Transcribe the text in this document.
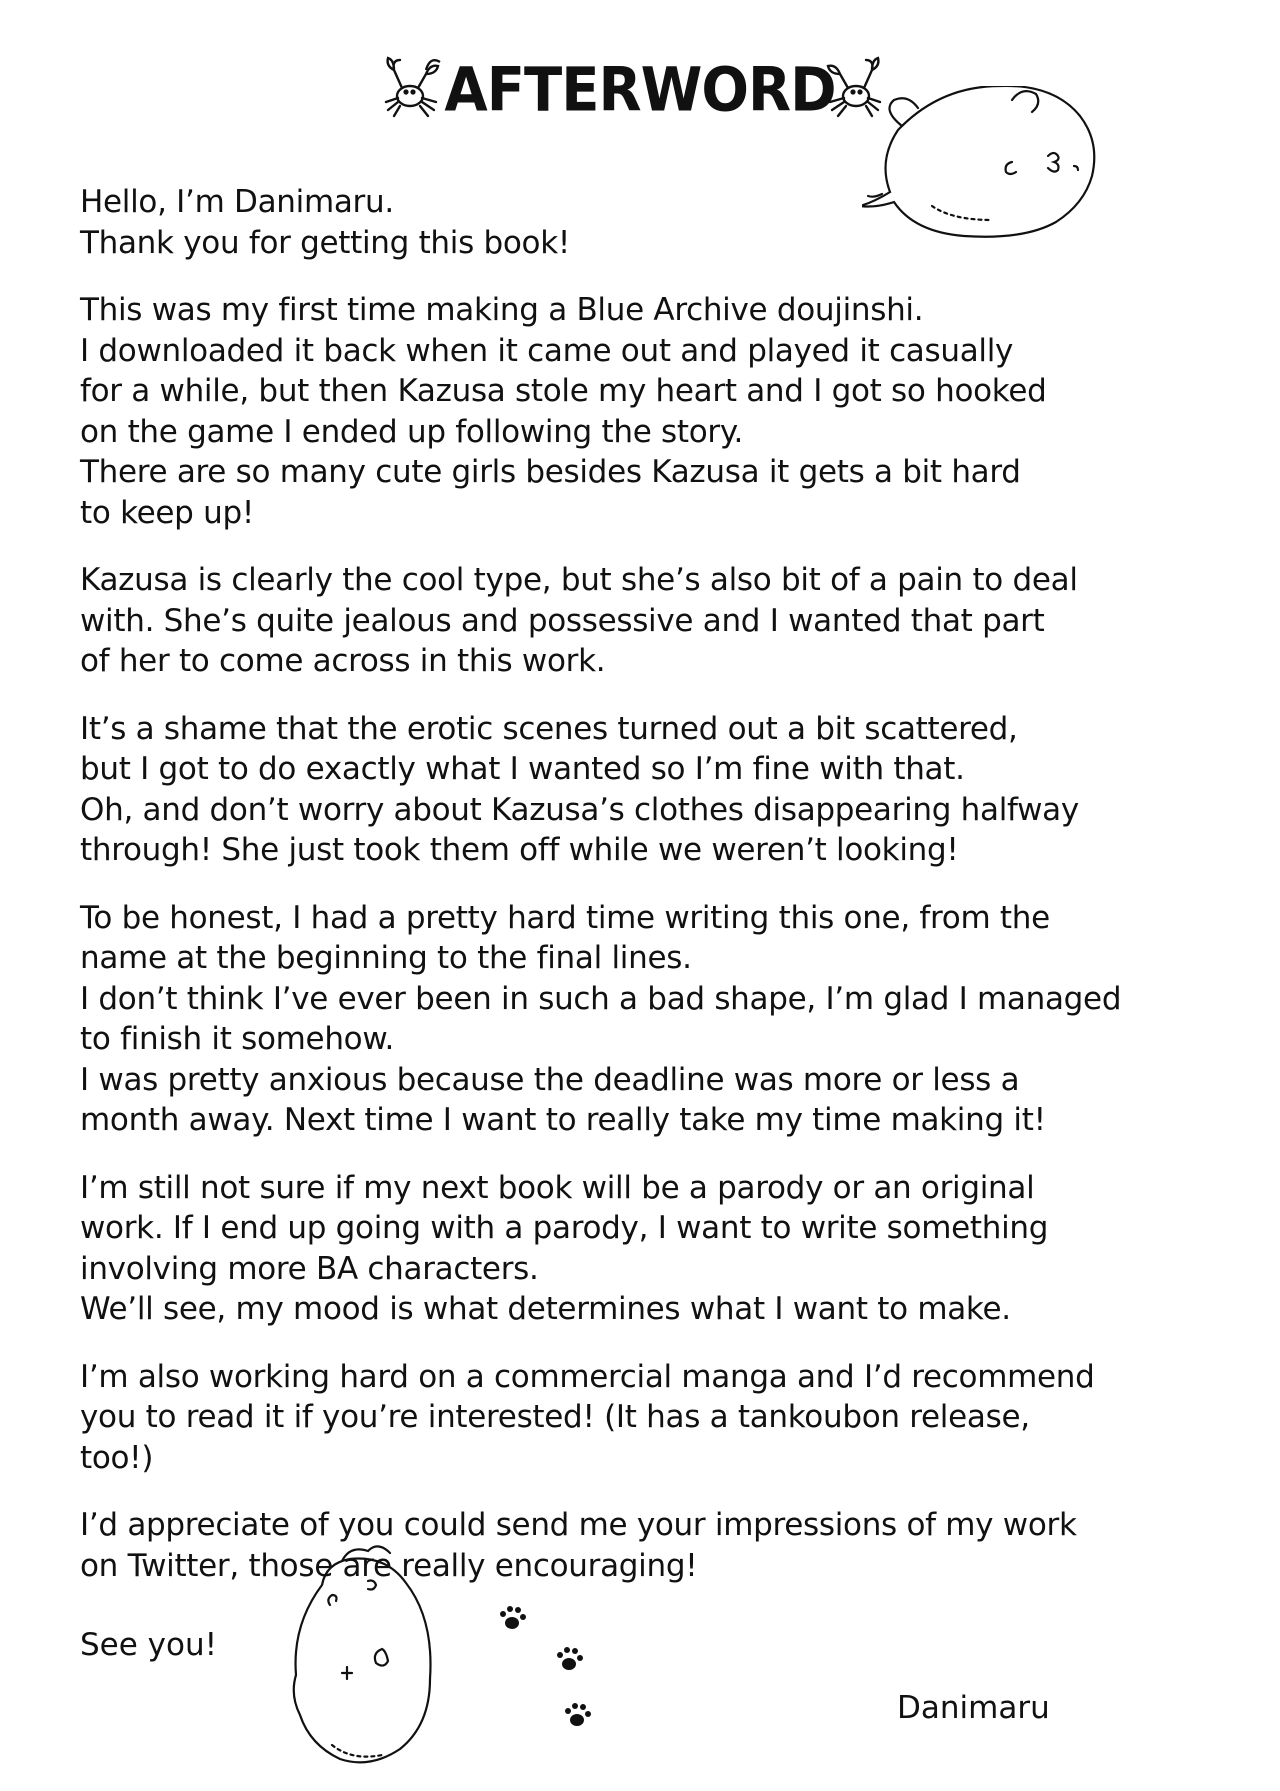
AFTERWORD
Hello, I’m Danimaru.
Thank you for getting this book!
This was my first time making a Blue Archive doujinshi.
I downloaded it back when it came out and played it casually
for a while, but then Kazusa stole my heart and I got so hooked
on the game I ended up following the story.
There are so many cute girls besides Kazusa it gets a bit hard
to keep up!
Kazusa is clearly the cool type, but she’s also bit of a pain to deal
with. She’s quite jealous and possessive and I wanted that part
of her to come across in this work.
It’s a shame that the erotic scenes turned out a bit scattered,
but I got to do exactly what I wanted so I’m fine with that.
Oh, and don’t worry about Kazusa’s clothes disappearing halfway
through! She just took them off while we weren’t looking!
To be honest, I had a pretty hard time writing this one, from the
name at the beginning to the final lines.
I don’t think I’ve ever been in such a bad shape, I’m glad I managed
to finish it somehow.
I was pretty anxious because the deadline was more or less a
month away. Next time I want to really take my time making it!
I’m still not sure if my next book will be a parody or an original
work. If I end up going with a parody, I want to write something
involving more BA characters.
We’ll see, my mood is what determines what I want to make.
I’m also working hard on a commercial manga and I’d recommend
you to read it if you’re interested! (It has a tankoubon release,
too!)
I’d appreciate of you could send me your impressions of my work
on Twitter, those are really encouraging!
See you!
Danimaru
